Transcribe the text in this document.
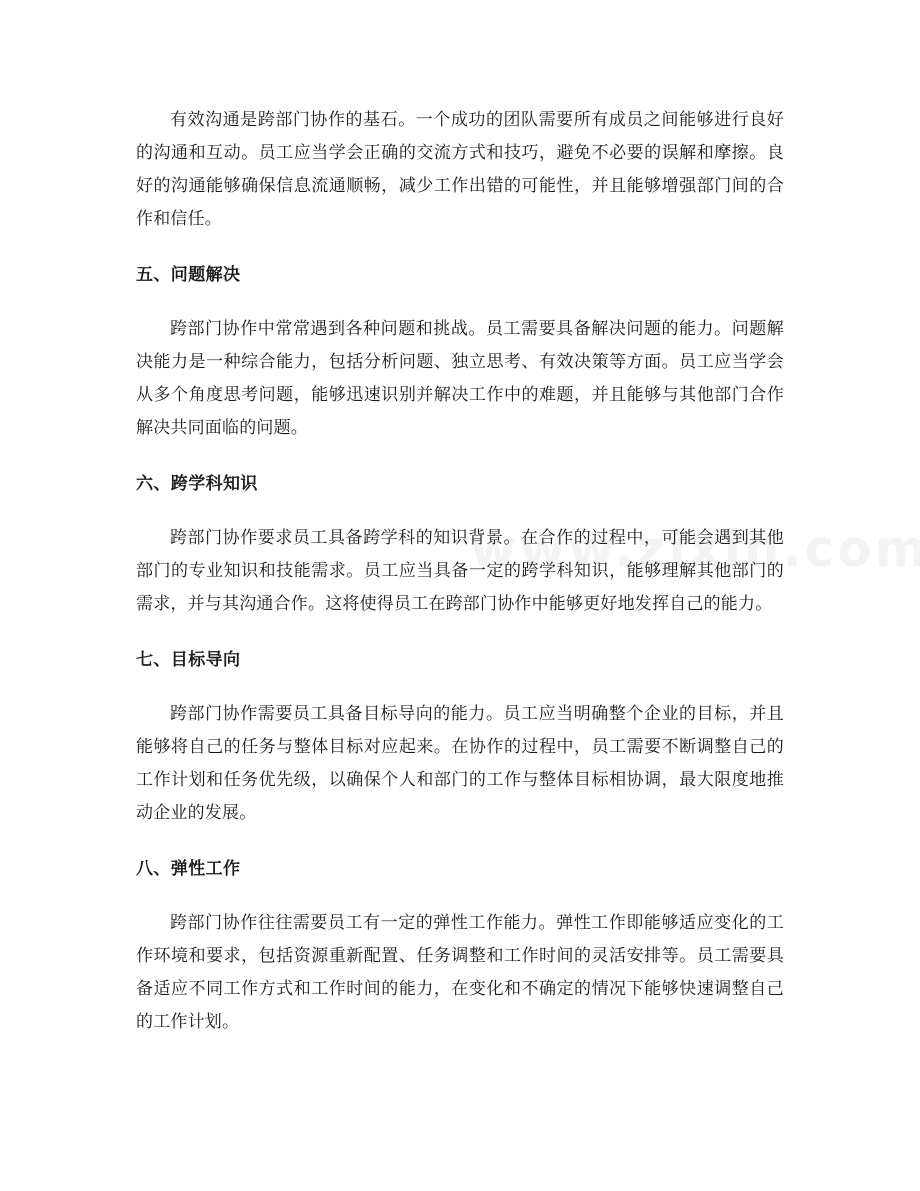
有效沟通是跨部门协作的基石。一个成功的团队需要所有成员之间能够进行良好的沟通和互动。员工应当学会正确的交流方式和技巧，避免不必要的误解和摩擦。良好的沟通能够确保信息流通顺畅，减少工作出错的可能性，并且能够增强部门间的合作和信任。

五、问题解决

跨部门协作中常常遇到各种问题和挑战。员工需要具备解决问题的能力。问题解决能力是一种综合能力，包括分析问题、独立思考、有效决策等方面。员工应当学会从多个角度思考问题，能够迅速识别并解决工作中的难题，并且能够与其他部门合作解决共同面临的问题。

六、跨学科知识

跨部门协作要求员工具备跨学科的知识背景。在合作的过程中，可能会遇到其他部门的专业知识和技能需求。员工应当具备一定的跨学科知识，能够理解其他部门的需求，并与其沟通合作。这将使得员工在跨部门协作中能够更好地发挥自己的能力。

七、目标导向

跨部门协作需要员工具备目标导向的能力。员工应当明确整个企业的目标，并且能够将自己的任务与整体目标对应起来。在协作的过程中，员工需要不断调整自己的工作计划和任务优先级，以确保个人和部门的工作与整体目标相协调，最大限度地推动企业的发展。

八、弹性工作

跨部门协作往往需要员工有一定的弹性工作能力。弹性工作即能够适应变化的工作环境和要求，包括资源重新配置、任务调整和工作时间的灵活安排等。员工需要具备适应不同工作方式和工作时间的能力，在变化和不确定的情况下能够快速调整自己的工作计划。
